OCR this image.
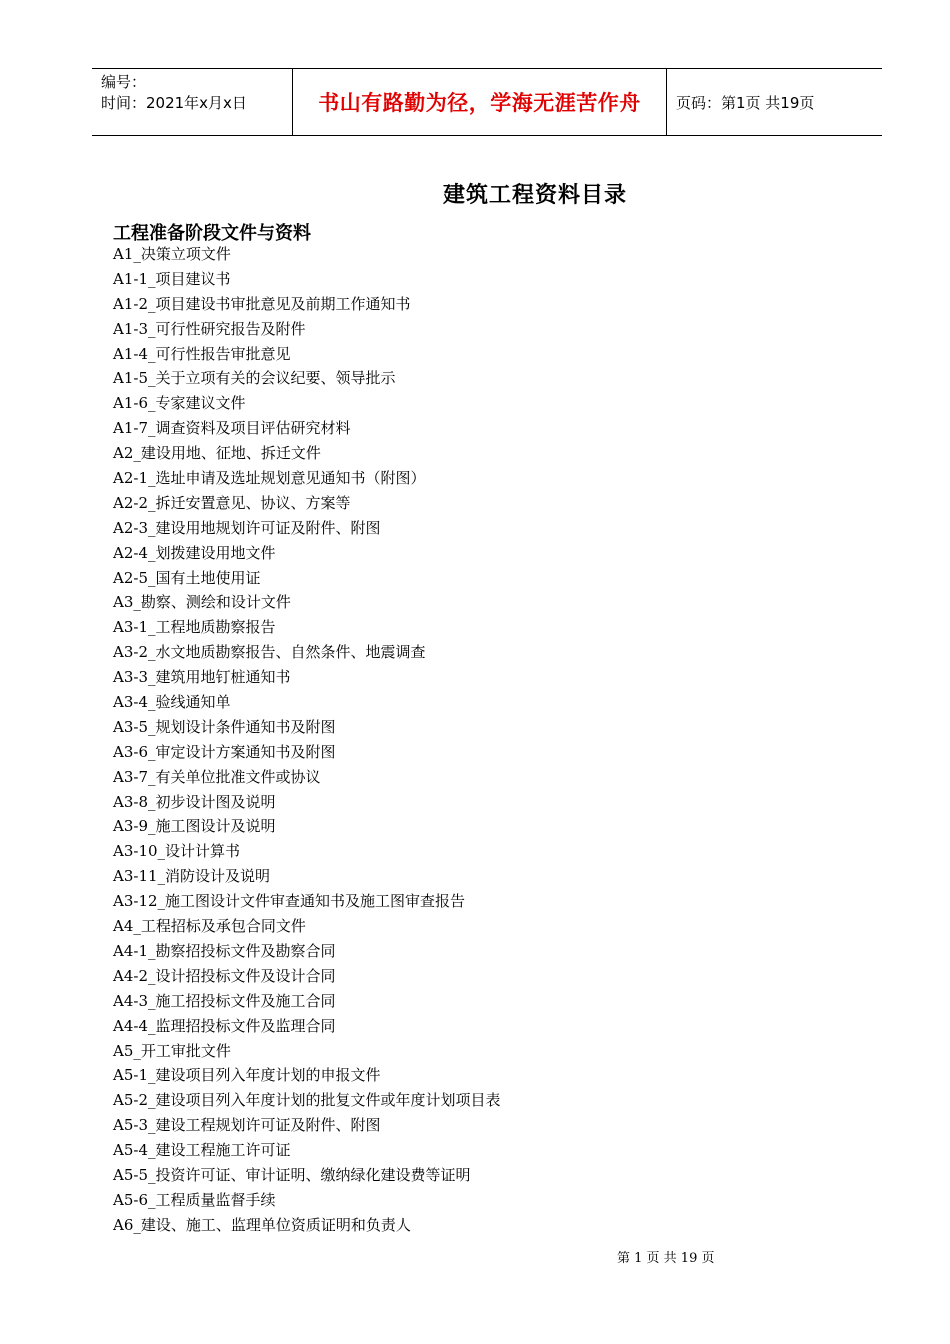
编号：
时间：2021年x月x日	书山有路勤为径，学海无涯苦作舟 页码：第1页 共19页
建筑工程资料目录
工程准备阶段文件与资料
A1_决策立项文件
A1-1_项目建议书
A1-2_项目建设书审批意见及前期工作通知书
A1-3_可行性研究报告及附件
A1-4_可行性报告审批意见
A1-5_关于立项有关的会议纪要、领导批示
A1-6_专家建议文件
A1-7_调查资料及项目评估研究材料
A2_建设用地、征地、拆迁文件
A2-1_选址申请及选址规划意见通知书（附图）
A2-2_拆迁安置意见、协议、方案等
A2-3_建设用地规划许可证及附件、附图
A2-4_划拨建设用地文件
A2-5_国有土地使用证
A3_勘察、测绘和设计文件
A3-1_工程地质勘察报告
A3-2_水文地质勘察报告、自然条件、地震调查
A3-3_建筑用地钉桩通知书
A3-4_验线通知单
A3-5_规划设计条件通知书及附图
A3-6_审定设计方案通知书及附图
A3-7_有关单位批准文件或协议
A3-8_初步设计图及说明
A3-9_施工图设计及说明
A3-10_设计计算书
A3-11_消防设计及说明
A3-12_施工图设计文件审查通知书及施工图审查报告
A4_工程招标及承包合同文件
A4-1_勘察招投标文件及勘察合同
A4-2_设计招投标文件及设计合同
A4-3_施工招投标文件及施工合同
A4-4_监理招投标文件及监理合同
A5_开工审批文件
A5-1_建设项目列入年度计划的申报文件
A5-2_建设项目列入年度计划的批复文件或年度计划项目表
A5-3_建设工程规划许可证及附件、附图
A5-4_建设工程施工许可证
A5-5_投资许可证、审计证明、缴纳绿化建设费等证明
A5-6_工程质量监督手续
A6_建设、施工、监理单位资质证明和负责人
第 1 页 共 19 页
